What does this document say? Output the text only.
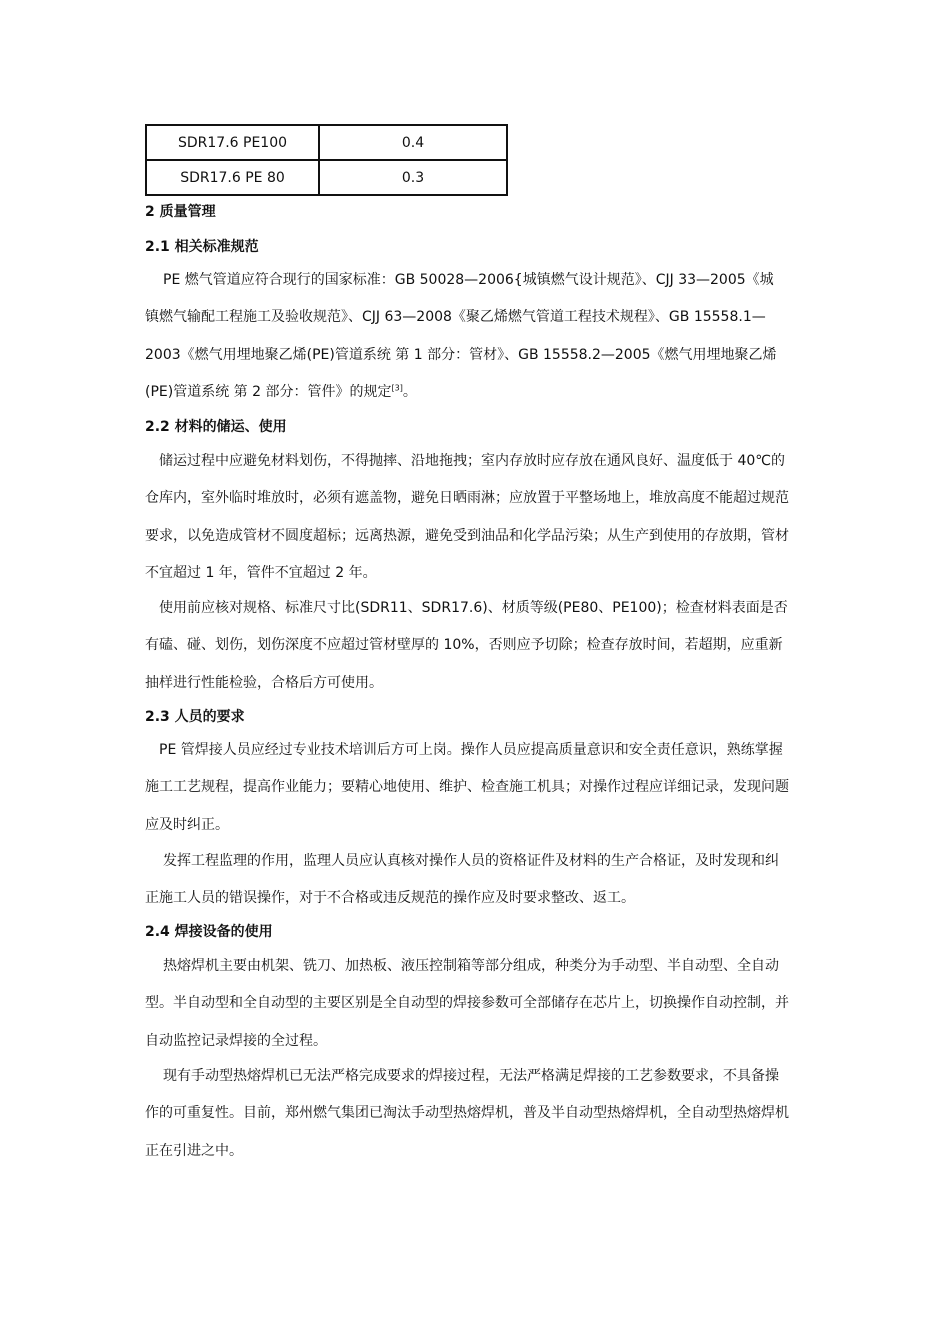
SDR17.6 PE100	0.4
SDR17.6 PE 80	0.3
2 质量管理
2.1 相关标准规范
PE 燃气管道应符合现行的国家标准：GB 50028—2006{城镇燃气设计规范》、CJJ 33—2005《城
镇燃气输配工程施工及验收规范》、CJJ 63—2008《聚乙烯燃气管道工程技术规程》、GB 15558.1—
2003《燃气用埋地聚乙烯(PE)管道系统 第 1 部分：管材》、GB 15558.2—2005《燃气用埋地聚乙烯
(PE)管道系统 第 2 部分：管件》的规定[3]。
2.2 材料的储运、使用
储运过程中应避免材料划伤，不得抛摔、沿地拖拽；室内存放时应存放在通风良好、温度低于 40℃的
仓库内，室外临时堆放时，必须有遮盖物，避免日晒雨淋；应放置于平整场地上，堆放高度不能超过规范
要求，以免造成管材不圆度超标；远离热源，避免受到油品和化学品污染；从生产到使用的存放期，管材
不宜超过 1 年，管件不宜超过 2 年。
使用前应核对规格、标准尺寸比(SDR11、SDR17.6)、材质等级(PE80、PE100)；检查材料表面是否
有磕、碰、划伤，划伤深度不应超过管材壁厚的 10%，否则应予切除；检查存放时间，若超期，应重新
抽样进行性能检验，合格后方可使用。
2.3 人员的要求
PE 管焊接人员应经过专业技术培训后方可上岗。操作人员应提高质量意识和安全责任意识，熟练掌握
施工工艺规程，提高作业能力；要精心地使用、维护、检查施工机具；对操作过程应详细记录，发现问题
应及时纠正。
发挥工程监理的作用，监理人员应认真核对操作人员的资格证件及材料的生产合格证，及时发现和纠
正施工人员的错误操作，对于不合格或违反规范的操作应及时要求整改、返工。
2.4 焊接设备的使用
热熔焊机主要由机架、铣刀、加热板、液压控制箱等部分组成，种类分为手动型、半自动型、全自动
型。半自动型和全自动型的主要区别是全自动型的焊接参数可全部储存在芯片上，切换操作自动控制，并
自动监控记录焊接的全过程。
现有手动型热熔焊机已无法严格完成要求的焊接过程，无法严格满足焊接的工艺参数要求，不具备操
作的可重复性。目前，郑州燃气集团已淘汰手动型热熔焊机，普及半自动型热熔焊机，全自动型热熔焊机
正在引进之中。
